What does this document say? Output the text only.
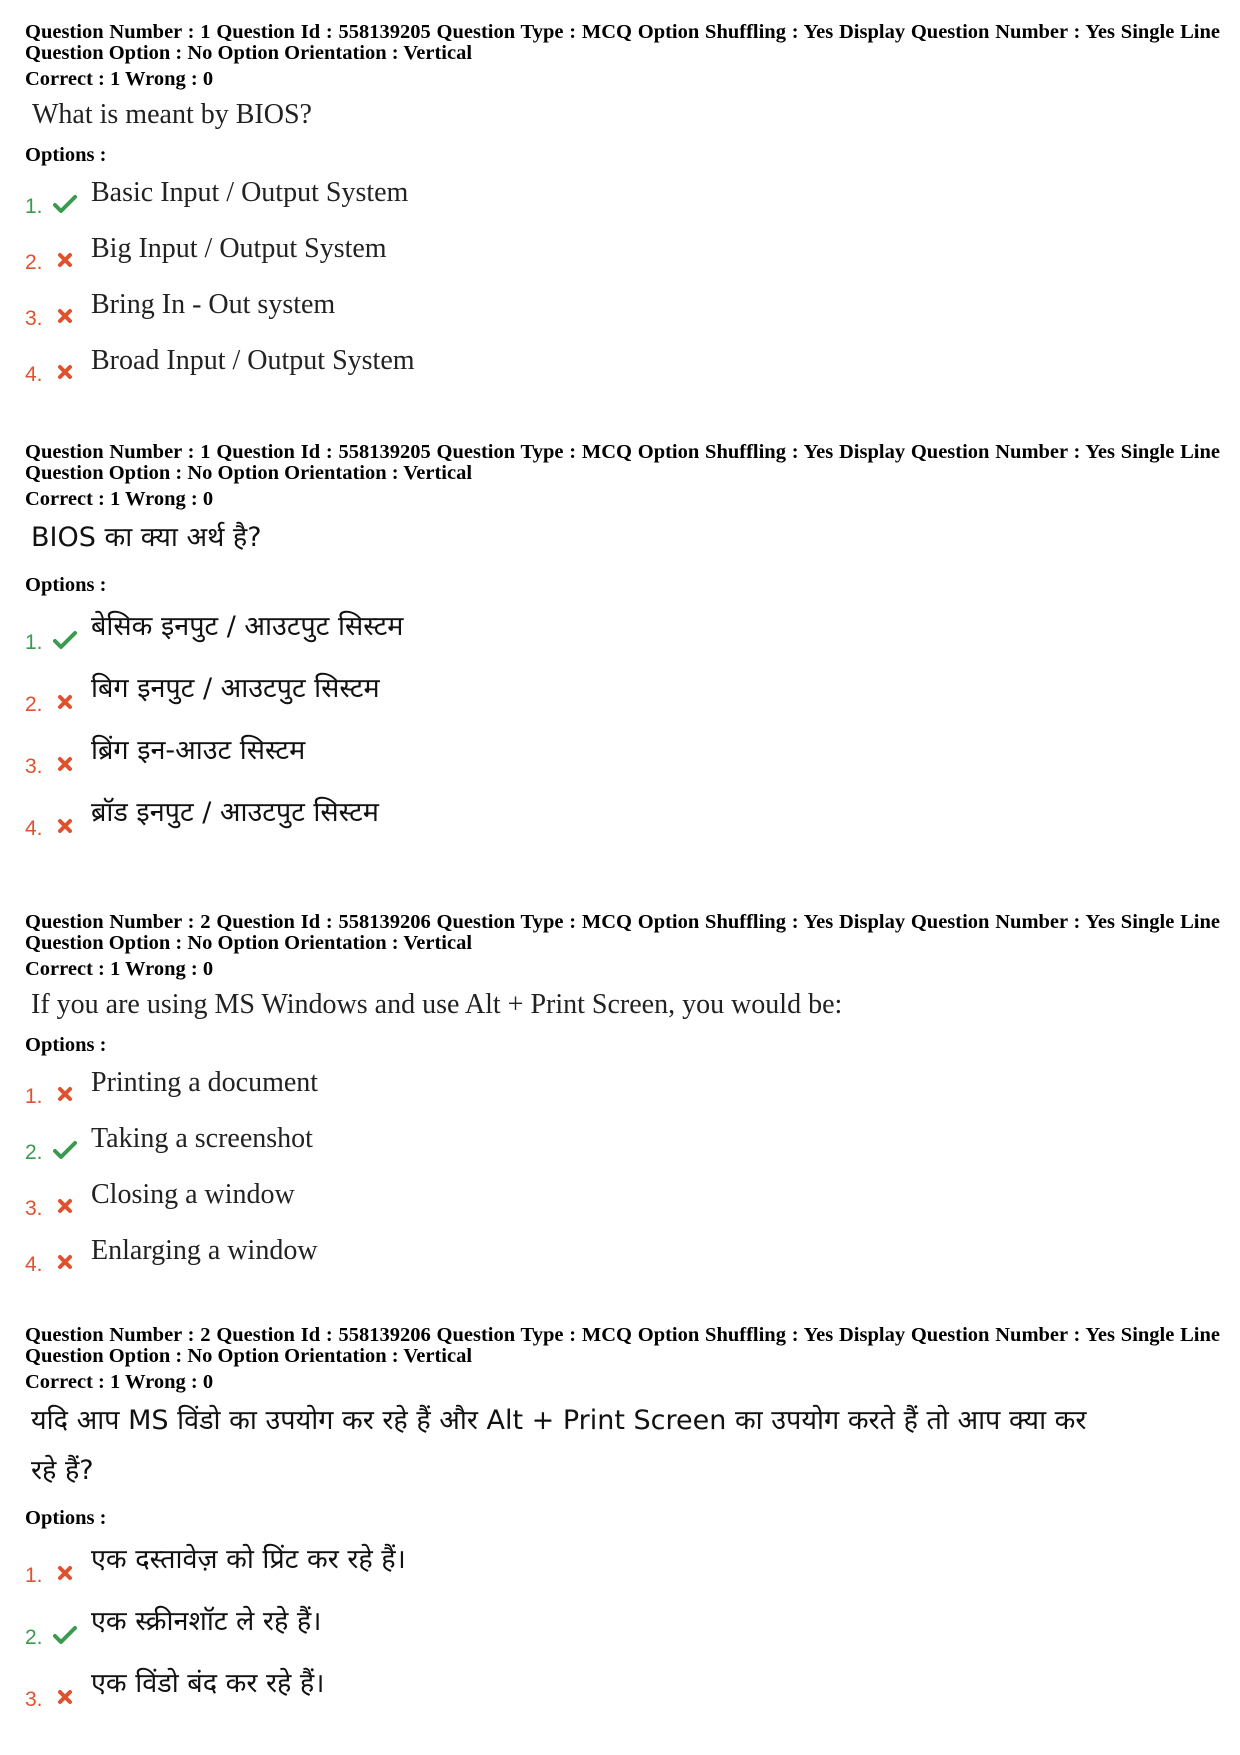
Question Number : 1 Question Id : 558139205 Question Type : MCQ Option Shuffling : Yes Display Question Number : Yes Single Line Question Option : No Option Orientation : Vertical
Correct : 1 Wrong : 0
What is meant by BIOS?
Options :
1. Basic Input / Output System
2. Big Input / Output System
3. Bring In - Out system
4. Broad Input / Output System
Question Number : 1 Question Id : 558139205 Question Type : MCQ Option Shuffling : Yes Display Question Number : Yes Single Line Question Option : No Option Orientation : Vertical
Correct : 1 Wrong : 0
BIOS का क्या अर्थ है?
Options :
1.
बेसिक इनपुट / आउटपुट सिस्टम
2.
बिग इनपुट / आउटपुट सिस्टम
3.
ब्रिंग इन-आउट सिस्टम
4.
ब्रॉड इनपुट / आउटपुट सिस्टम
Question Number : 2 Question Id : 558139206 Question Type : MCQ Option Shuffling : Yes Display Question Number : Yes Single Line Question Option : No Option Orientation : Vertical
Correct : 1 Wrong : 0
If you are using MS Windows and use Alt + Print Screen, you would be:
Options :
1. Printing a document
2. Taking a screenshot
3. Closing a window
4. Enlarging a window
Question Number : 2 Question Id : 558139206 Question Type : MCQ Option Shuffling : Yes Display Question Number : Yes Single Line Question Option : No Option Orientation : Vertical
Correct : 1 Wrong : 0
यदि आप MS विंडो का उपयोग कर रहे हैं और Alt + Print Screen का उपयोग करते हैं तो आप क्या कर रहे हैं?
Options :
1.
एक दस्तावेज़ को प्रिंट कर रहे हैं।
2.
एक स्क्रीनशॉट ले रहे हैं।
3.
एक विंडो बंद कर रहे हैं।
